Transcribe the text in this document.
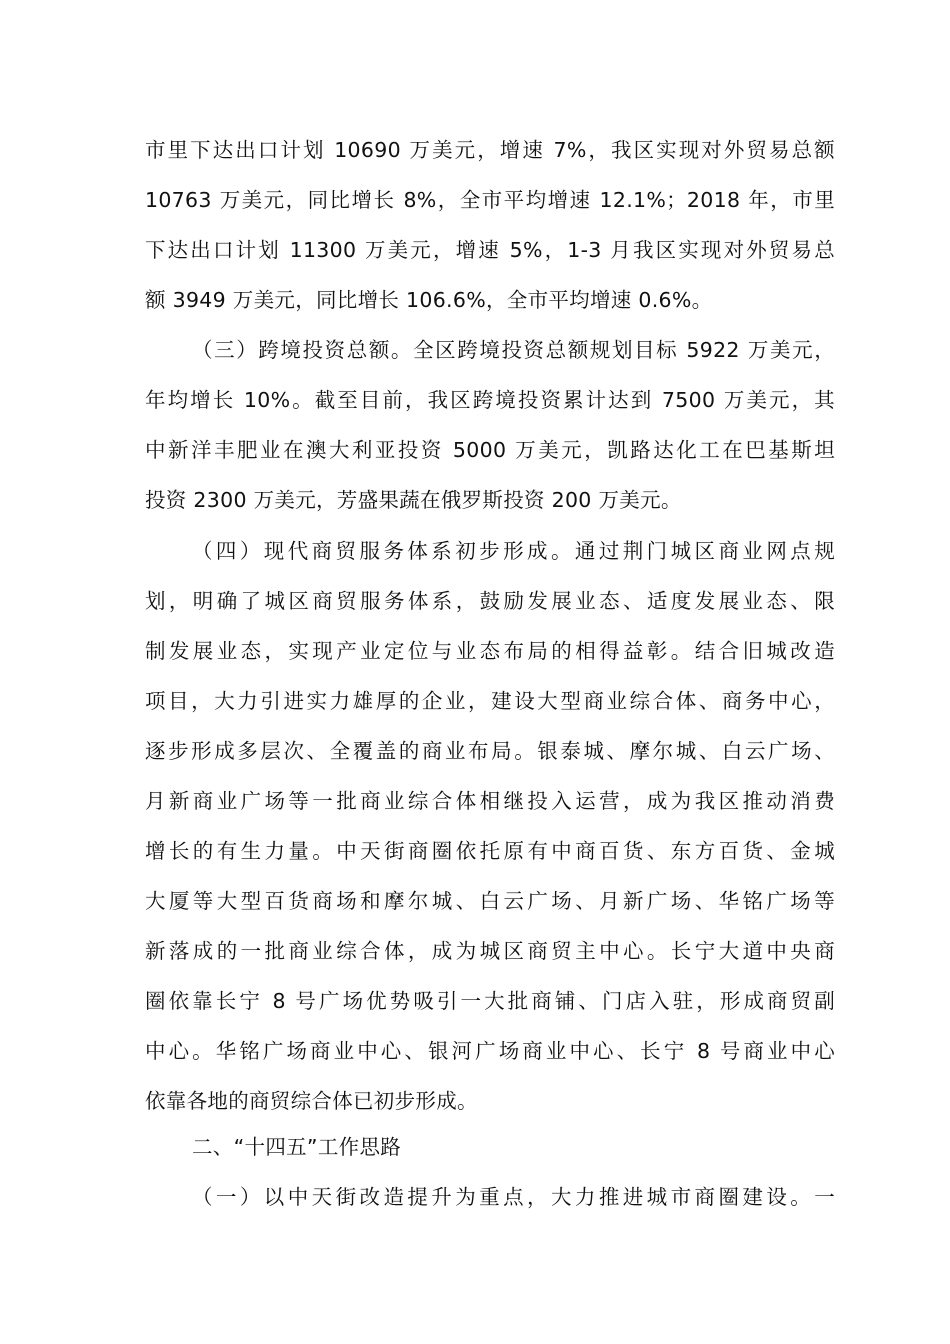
市里下达出口计划 10690 万美元，增速 7%，我区实现对外贸易总额
10763 万美元，同比增长 8%，全市平均增速 12.1%；2018 年，市里
下达出口计划 11300 万美元，增速 5%，1-3 月我区实现对外贸易总
额 3949 万美元，同比增长 106.6%，全市平均增速 0.6%。
（三）跨境投资总额。全区跨境投资总额规划目标 5922 万美元，
年均增长 10%。截至目前，我区跨境投资累计达到 7500 万美元，其
中新洋丰肥业在澳大利亚投资 5000 万美元，凯路达化工在巴基斯坦
投资 2300 万美元，芳盛果蔬在俄罗斯投资 200 万美元。
（四）现代商贸服务体系初步形成。通过荆门城区商业网点规
划，明确了城区商贸服务体系，鼓励发展业态、适度发展业态、限
制发展业态，实现产业定位与业态布局的相得益彰。结合旧城改造
项目，大力引进实力雄厚的企业，建设大型商业综合体、商务中心，
逐步形成多层次、全覆盖的商业布局。银泰城、摩尔城、白云广场、
月新商业广场等一批商业综合体相继投入运营，成为我区推动消费
增长的有生力量。中天街商圈依托原有中商百货、东方百货、金城
大厦等大型百货商场和摩尔城、白云广场、月新广场、华铭广场等
新落成的一批商业综合体，成为城区商贸主中心。长宁大道中央商
圈依靠长宁 8 号广场优势吸引一大批商铺、门店入驻，形成商贸副
中心。华铭广场商业中心、银河广场商业中心、长宁 8 号商业中心
依靠各地的商贸综合体已初步形成。
二、“十四五”工作思路
（一）以中天街改造提升为重点，大力推进城市商圈建设。一
